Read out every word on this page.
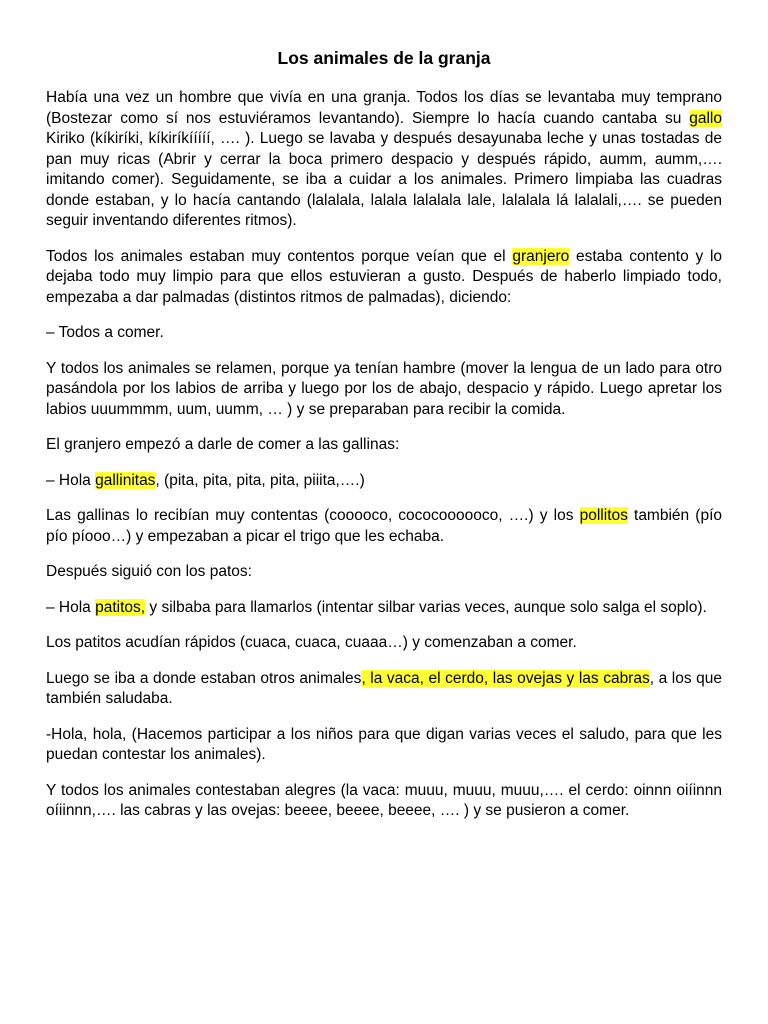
Los animales de la granja

Había una vez un hombre que vivía en una granja. Todos los días se levantaba muy temprano (Bostezar como sí nos estuviéramos levantando). Siempre lo hacía cuando cantaba su gallo Kiriko (kíkiríki, kíkiríkííííí, …. ). Luego se lavaba y después desayunaba leche y unas tostadas de pan muy ricas (Abrir y cerrar la boca primero despacio y después rápido, aumm, aumm,…. imitando comer). Seguidamente, se iba a cuidar a los animales. Primero limpiaba las cuadras donde estaban, y lo hacía cantando (lalalala, lalala lalalala lale, lalalala lá lalalali,…. se pueden seguir inventando diferentes ritmos).

Todos los animales estaban muy contentos porque veían que el granjero estaba contento y lo dejaba todo muy limpio para que ellos estuvieran a gusto. Después de haberlo limpiado todo, empezaba a dar palmadas (distintos ritmos de palmadas), diciendo:

– Todos a comer.

Y todos los animales se relamen, porque ya tenían hambre (mover la lengua de un lado para otro pasándola por los labios de arriba y luego por los de abajo, despacio y rápido. Luego apretar los labios uuummmm, uum, uumm, … ) y se preparaban para recibir la comida.

El granjero empezó a darle de comer a las gallinas:

– Hola gallinitas, (pita, pita, pita, pita, piiita,….)

Las gallinas lo recibían muy contentas (cooooco, cococoooooco, ….) y los pollitos también (pío pío píooo…) y empezaban a picar el trigo que les echaba.

Después siguió con los patos:

– Hola patitos, y silbaba para llamarlos (intentar silbar varias veces, aunque solo salga el soplo).

Los patitos acudían rápidos (cuaca, cuaca, cuaaa…) y comenzaban a comer.

Luego se iba a donde estaban otros animales, la vaca, el cerdo, las ovejas y las cabras, a los que también saludaba.

-Hola, hola, (Hacemos participar a los niños para que digan varias veces el saludo, para que les puedan contestar los animales).

Y todos los animales contestaban alegres (la vaca: muuu, muuu, muuu,…. el cerdo: oinnn oiíinnn oíiinnn,…. las cabras y las ovejas: beeee, beeee, beeee, …. ) y se pusieron a comer.
